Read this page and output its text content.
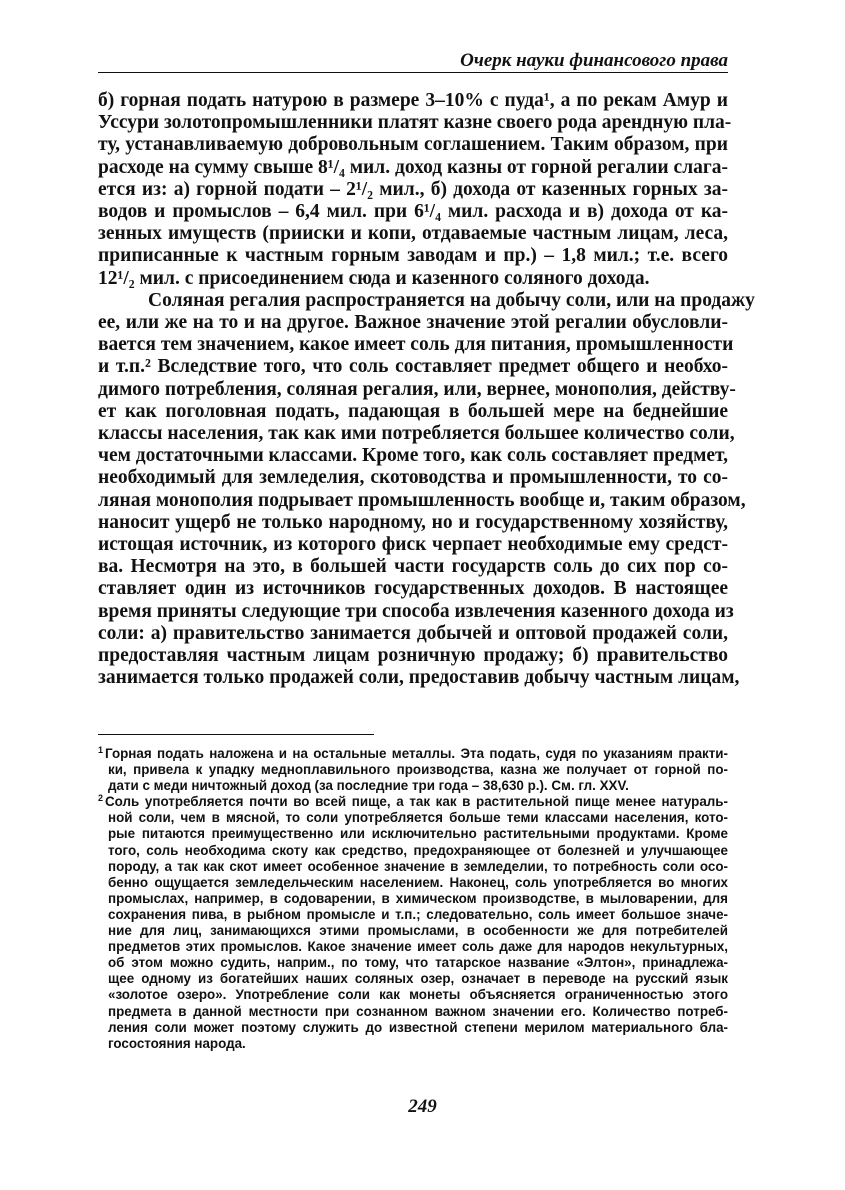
Очерк науки финансового права
б) горная подать натурою в размере 3–10% с пуда¹, а по рекам Амур и
Уссури золотопромышленники платят казне своего рода арендную пла-
ту, устанавливаемую добровольным соглашением. Таким образом, при
расходе на сумму свыше 8¹/₄ мил. доход казны от горной регалии слага-
ется из: а) горной подати – 2¹/₂ мил., б) дохода от казенных горных за-
водов и промыслов – 6,4 мил. при 6¹/₄ мил. расхода и в) дохода от ка-
зенных имуществ (прииски и копи, отдаваемые частным лицам, леса,
приписанные к частным горным заводам и пр.) – 1,8 мил.; т.е. всего
12¹/₂ мил. с присоединением сюда и казенного соляного дохода.
Соляная регалия распространяется на добычу соли, или на продажу
ее, или же на то и на другое. Важное значение этой регалии обусловли-
вается тем значением, какое имеет соль для питания, промышленности
и т.п.² Вследствие того, что соль составляет предмет общего и необхо-
димого потребления, соляная регалия, или, вернее, монополия, действу-
ет как поголовная подать, падающая в большей мере на беднейшие
классы населения, так как ими потребляется большее количество соли,
чем достаточными классами. Кроме того, как соль составляет предмет,
необходимый для земледелия, скотоводства и промышленности, то со-
ляная монополия подрывает промышленность вообще и, таким образом,
наносит ущерб не только народному, но и государственному хозяйству,
истощая источник, из которого фиск черпает необходимые ему средст-
ва. Несмотря на это, в большей части государств соль до сих пор со-
ставляет один из источников государственных доходов. В настоящее
время приняты следующие три способа извлечения казенного дохода из
соли: а) правительство занимается добычей и оптовой продажей соли,
предоставляя частным лицам розничную продажу; б) правительство
занимается только продажей соли, предоставив добычу частным лицам,
$^1$ Горная подать наложена и на остальные металлы. Эта подать, судя по указаниям практи-
ки, привела к упадку медноплавильного производства, казна же получает от горной по-
дати с меди ничтожный доход (за последние три года – 38,630 р.). См. гл. XXV.
$^2$ Соль употребляется почти во всей пище, а так как в растительной пище менее натураль-
ной соли, чем в мясной, то соли употребляется больше теми классами населения, кото-
рые питаются преимущественно или исключительно растительными продуктами. Кроме
того, соль необходима скоту как средство, предохраняющее от болезней и улучшающее
породу, а так как скот имеет особенное значение в земледелии, то потребность соли осо-
бенно ощущается земледельческим населением. Наконец, соль употребляется во многих
промыслах, например, в содоварении, в химическом производстве, в мыловарении, для
сохранения пива, в рыбном промысле и т.п.; следовательно, соль имеет большое значе-
ние для лиц, занимающихся этими промыслами, в особенности же для потребителей
предметов этих промыслов. Какое значение имеет соль даже для народов некультурных,
об этом можно судить, наприм., по тому, что татарское название «Элтон», принадлежа-
щее одному из богатейших наших соляных озер, означает в переводе на русский язык
«золотое озеро». Употребление соли как монеты объясняется ограниченностью этого
предмета в данной местности при сознанном важном значении его. Количество потреб-
ления соли может поэтому служить до известной степени мерилом материального бла-
госостояния народа.
249
